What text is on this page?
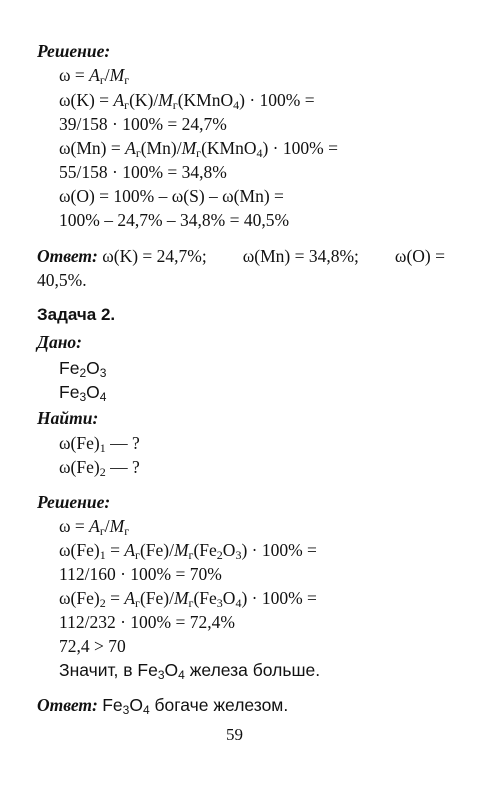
Решение:
$\omega = A_г/M_г$
$\omega(K) = A_г(K)/M_г(KMnO_4) \cdot 100\%$ =
39/158 · 100% = 24,7%
$\omega(Mn) = A_г(Mn)/M_г(KMnO_4) \cdot 100\%$ =
55/158 · 100% = 34,8%
ω(O) = 100% – ω(S) – ω(Mn) =
100% – 24,7% – 34,8% = 40,5%
Ответ: ω(K) = 24,7%; ω(Mn) = 34,8%; ω(O) =
40,5%.
Задача 2.
Дано:
$Fe_2O_3$
$Fe_3O_4$
Найти:
$\omega(Fe)_1$ — ?
$\omega(Fe)_2$ — ?
Решение:
$\omega = A_г/M_г$
$\omega(Fe)_1 = A_г(Fe)/M_г(Fe_2O_3) \cdot 100\%$ =
112/160 · 100% = 70%
$\omega(Fe)_2 = A_г(Fe)/M_г(Fe_3O_4) \cdot 100\%$ =
112/232 · 100% = 72,4%
72,4 > 70
Значит, в $Fe_3O_4$ железа больше.
Ответ: $Fe_3O_4$ богаче железом.
59
